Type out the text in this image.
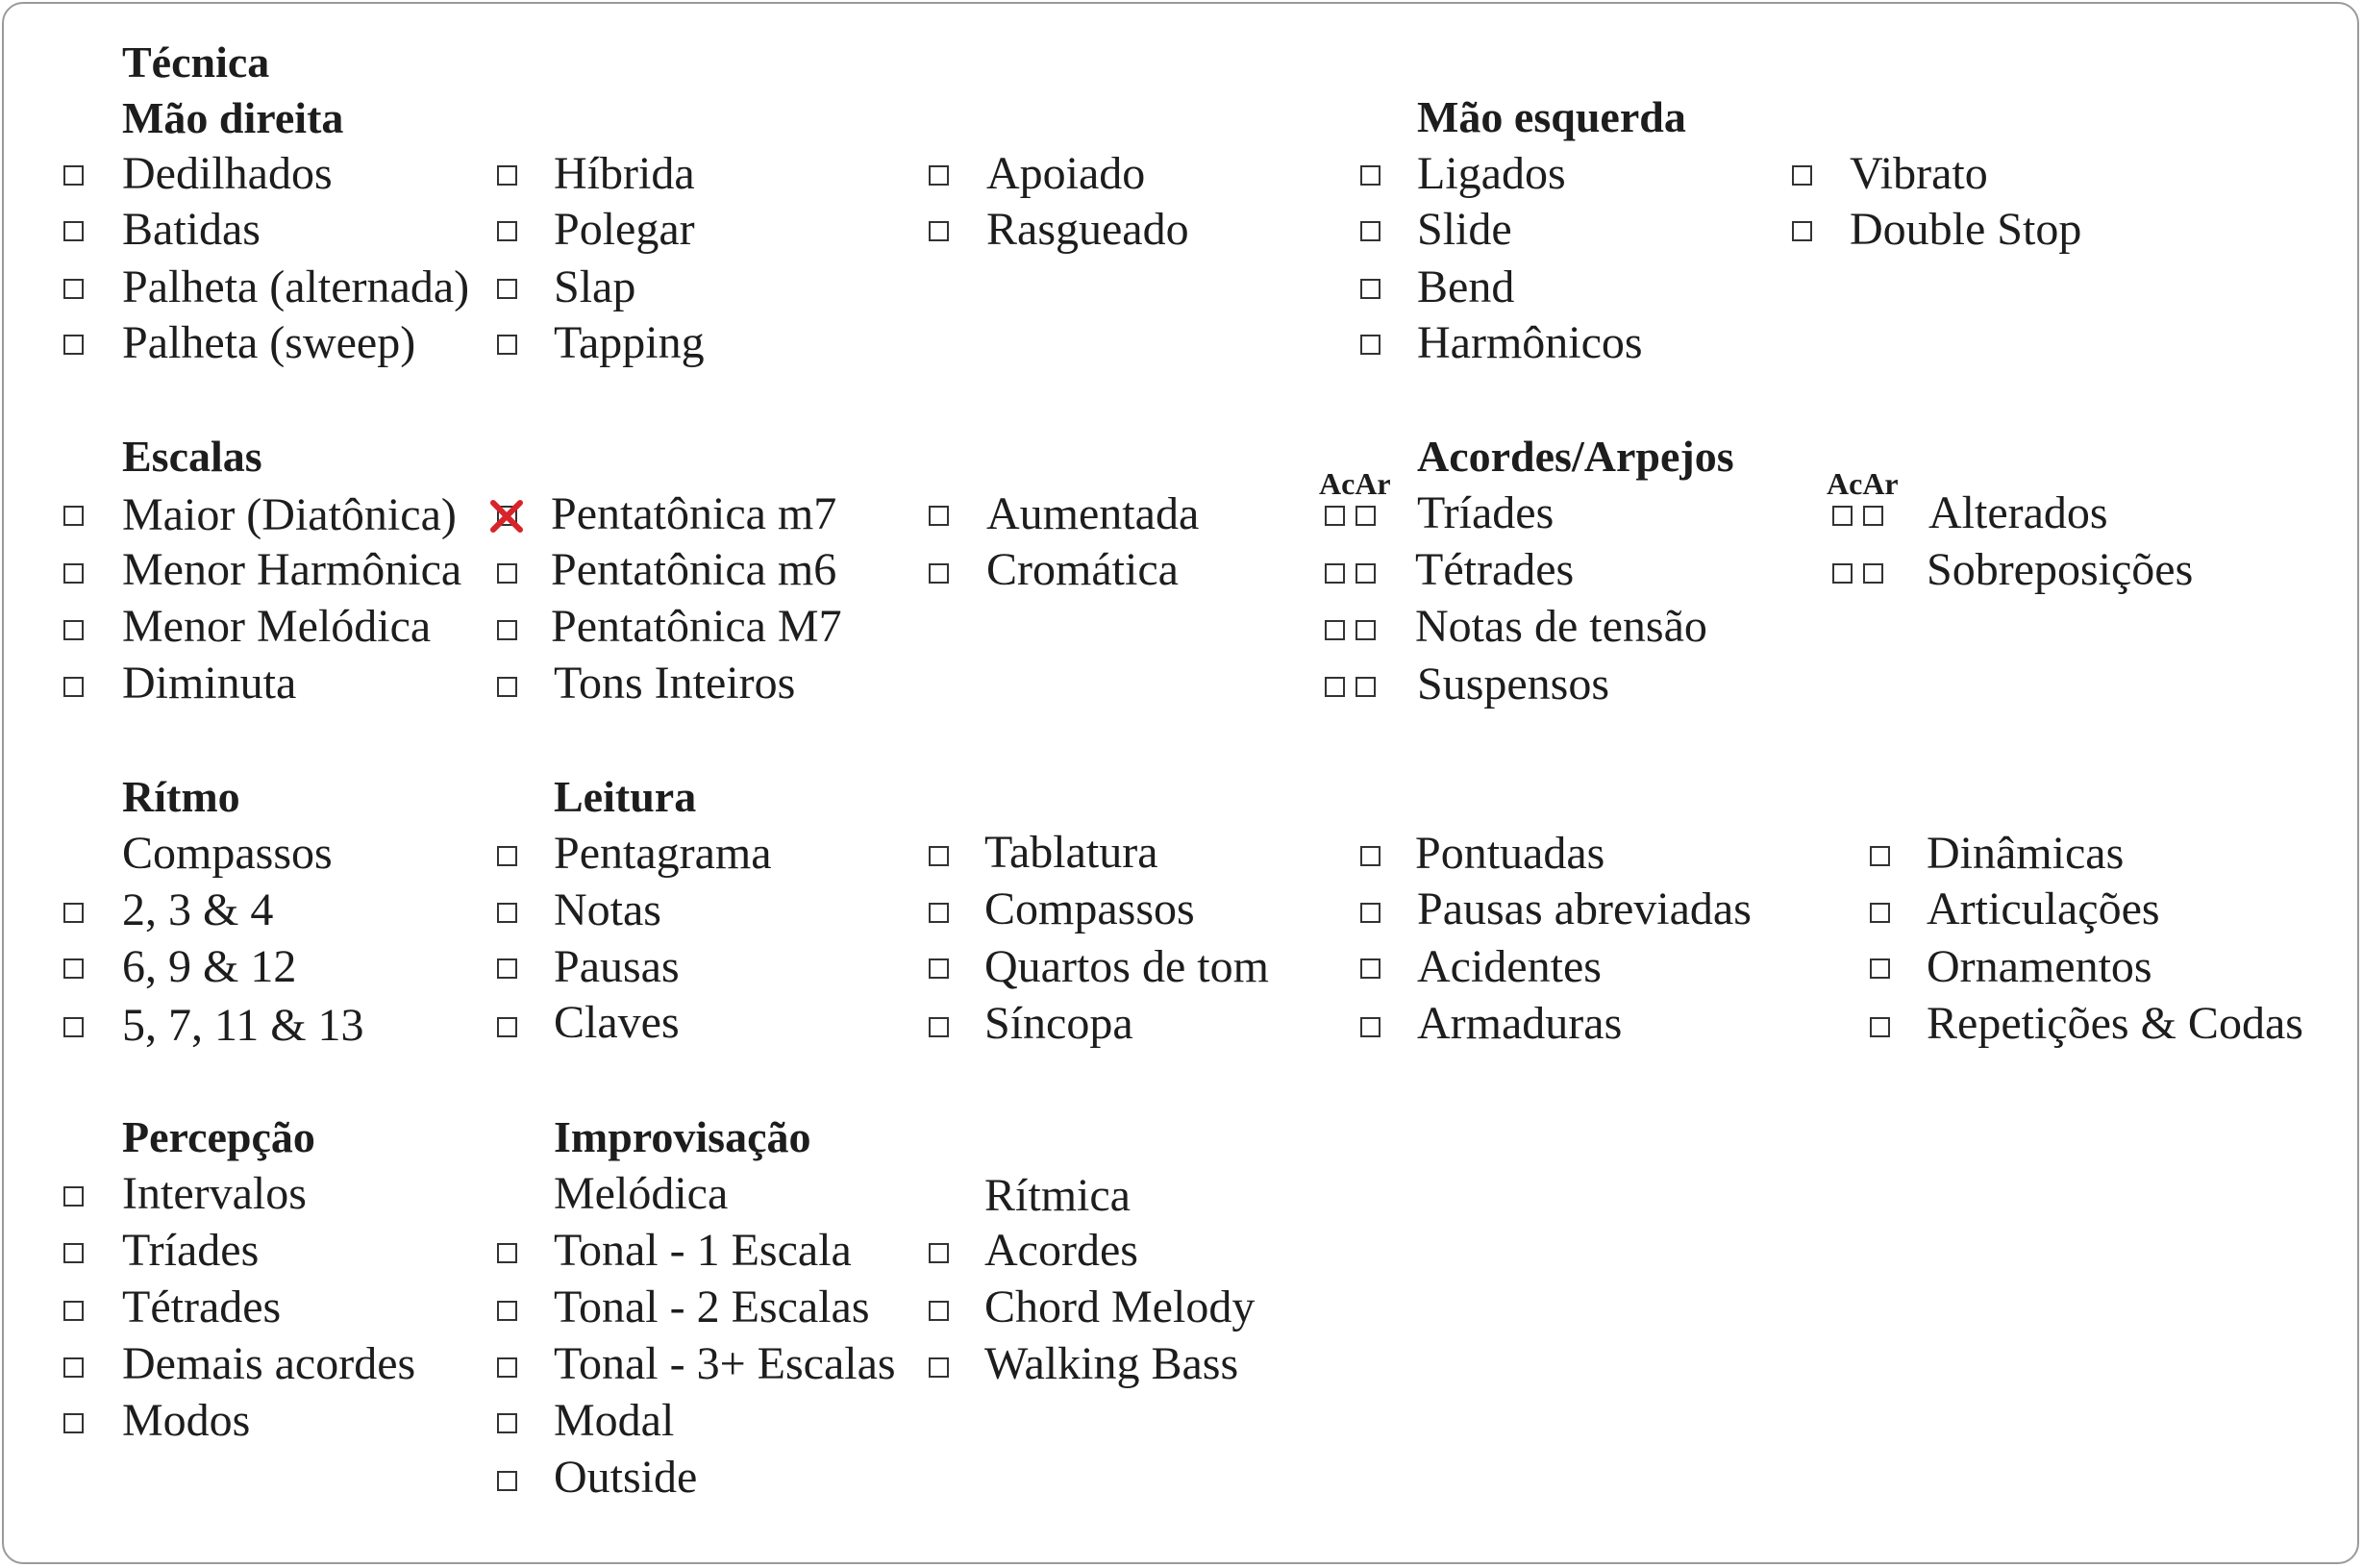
Técnica
Mão direita	Mão esquerda
Dedilhados
Batidas
Palheta (alternada)
Palheta (sweep)
Híbrida
Polegar
Slap
Tapping
Apoiado
Rasgueado
Ligados
Slide
Bend
Harmônicos
Vibrato
Double Stop
Escalas
Maior (Diatônica)
Menor Harmônica
Menor Melódica
Diminuta
Pentatônica m7
Pentatônica m6
Pentatônica M7
Tons Inteiros
Aumentada
Cromática
Acordes/Arpejos
AcAr	AcAr
Tríades
Tétrades
Notas de tensão
Suspensos
Alterados
Sobreposições
Rítmo
Compassos
2, 3 & 4
6, 9 & 12
5, 7, 11 & 13
Leitura
Pentagrama
Notas
Pausas
Claves
Tablatura
Compassos
Quartos de tom
Síncopa
Pontuadas
Pausas abreviadas
Acidentes
Armaduras
Dinâmicas
Articulações
Ornamentos
Repetições & Codas
Percepção
Intervalos
Tríades
Tétrades
Demais acordes
Modos
Improvisação
Melódica
Tonal - 1 Escala
Tonal - 2 Escalas
Tonal - 3+ Escalas
Modal
Outside
Rítmica
Acordes
Chord Melody
Walking Bass
